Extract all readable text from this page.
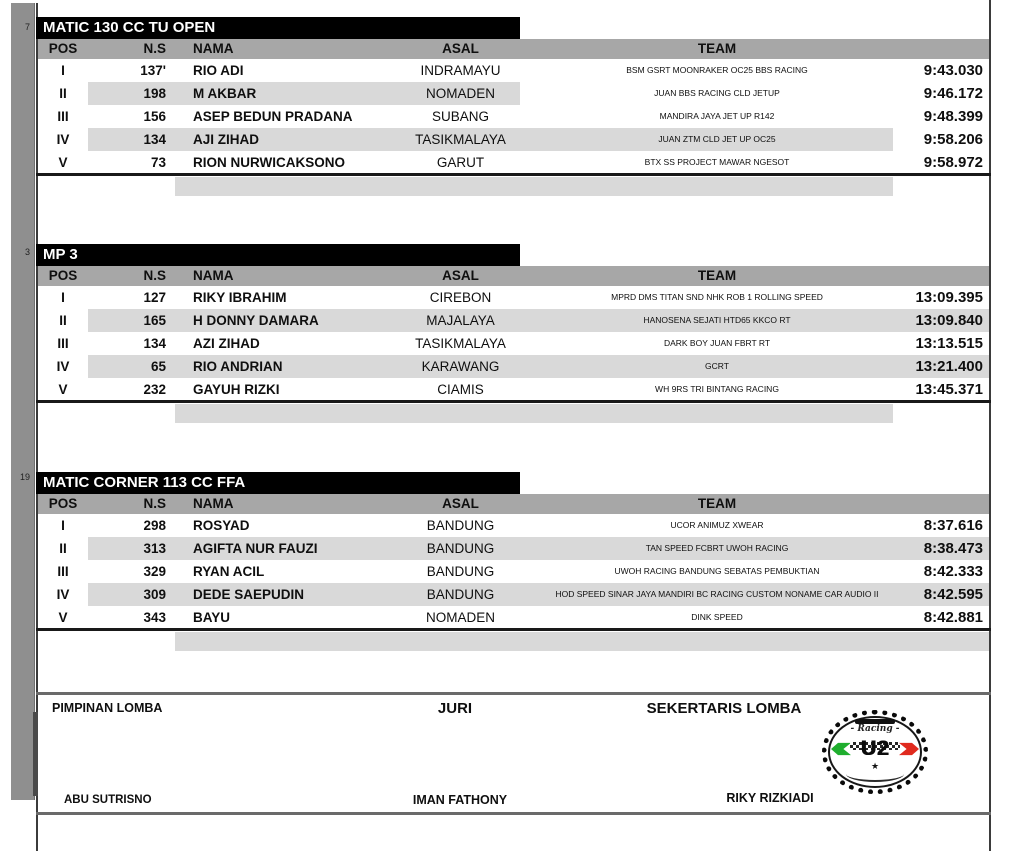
7
3
19
MATIC 130 CC TU OPEN
POS	N.S NAMA	ASAL	TEAM
I	137' RIO ADI	INDRAMAYU	BSM GSRT MOONRAKER OC25 BBS RACING	9:43.030
II	198 M AKBAR	NOMADEN	JUAN BBS RACING CLD JETUP	9:46.172
III	156 ASEP BEDUN PRADANA	SUBANG	MANDIRA JAYA JET UP R142	9:48.399
IV	134 AJI ZIHAD	TASIKMALAYA	JUAN ZTM CLD JET UP OC25	9:58.206
V	73 RION NURWICAKSONO	GARUT	BTX SS PROJECT MAWAR NGESOT	9:58.972
MP 3
POS	N.S NAMA	ASAL	TEAM
I	127 RIKY IBRAHIM	CIREBON	MPRD DMS TITAN SND NHK ROB 1 ROLLING SPEED	13:09.395
II	165 H DONNY DAMARA	MAJALAYA	HANOSENA SEJATI HTD65 KKCO RT	13:09.840
III	134 AZI ZIHAD	TASIKMALAYA	DARK BOY JUAN FBRT RT	13:13.515
IV	65 RIO ANDRIAN	KARAWANG	GCRT	13:21.400
V	232 GAYUH RIZKI	CIAMIS	WH 9RS TRI BINTANG RACING	13:45.371
MATIC CORNER 113 CC FFA
POS	N.S NAMA	ASAL	TEAM
I	298 ROSYAD	BANDUNG	UCOR ANIMUZ XWEAR	8:37.616
II	313 AGIFTA NUR FAUZI	BANDUNG	TAN SPEED FCBRT UWOH RACING	8:38.473
III	329 RYAN ACIL	BANDUNG	UWOH RACING BANDUNG SEBATAS PEMBUKTIAN	8:42.333
IV	309 DEDE SAEPUDIN	BANDUNG	HOD SPEED SINAR JAYA MANDIRI BC RACING CUSTOM NONAME CAR AUDIO II	8:42.595
V	343 BAYU	NOMADEN	DINK SPEED	8:42.881
PIMPINAN LOMBA	JURI	SEKERTARIS LOMBA
- Racing -
U2
★
ABU SUTRISNO	IMAN FATHONY	RIKY RIZKIADI
